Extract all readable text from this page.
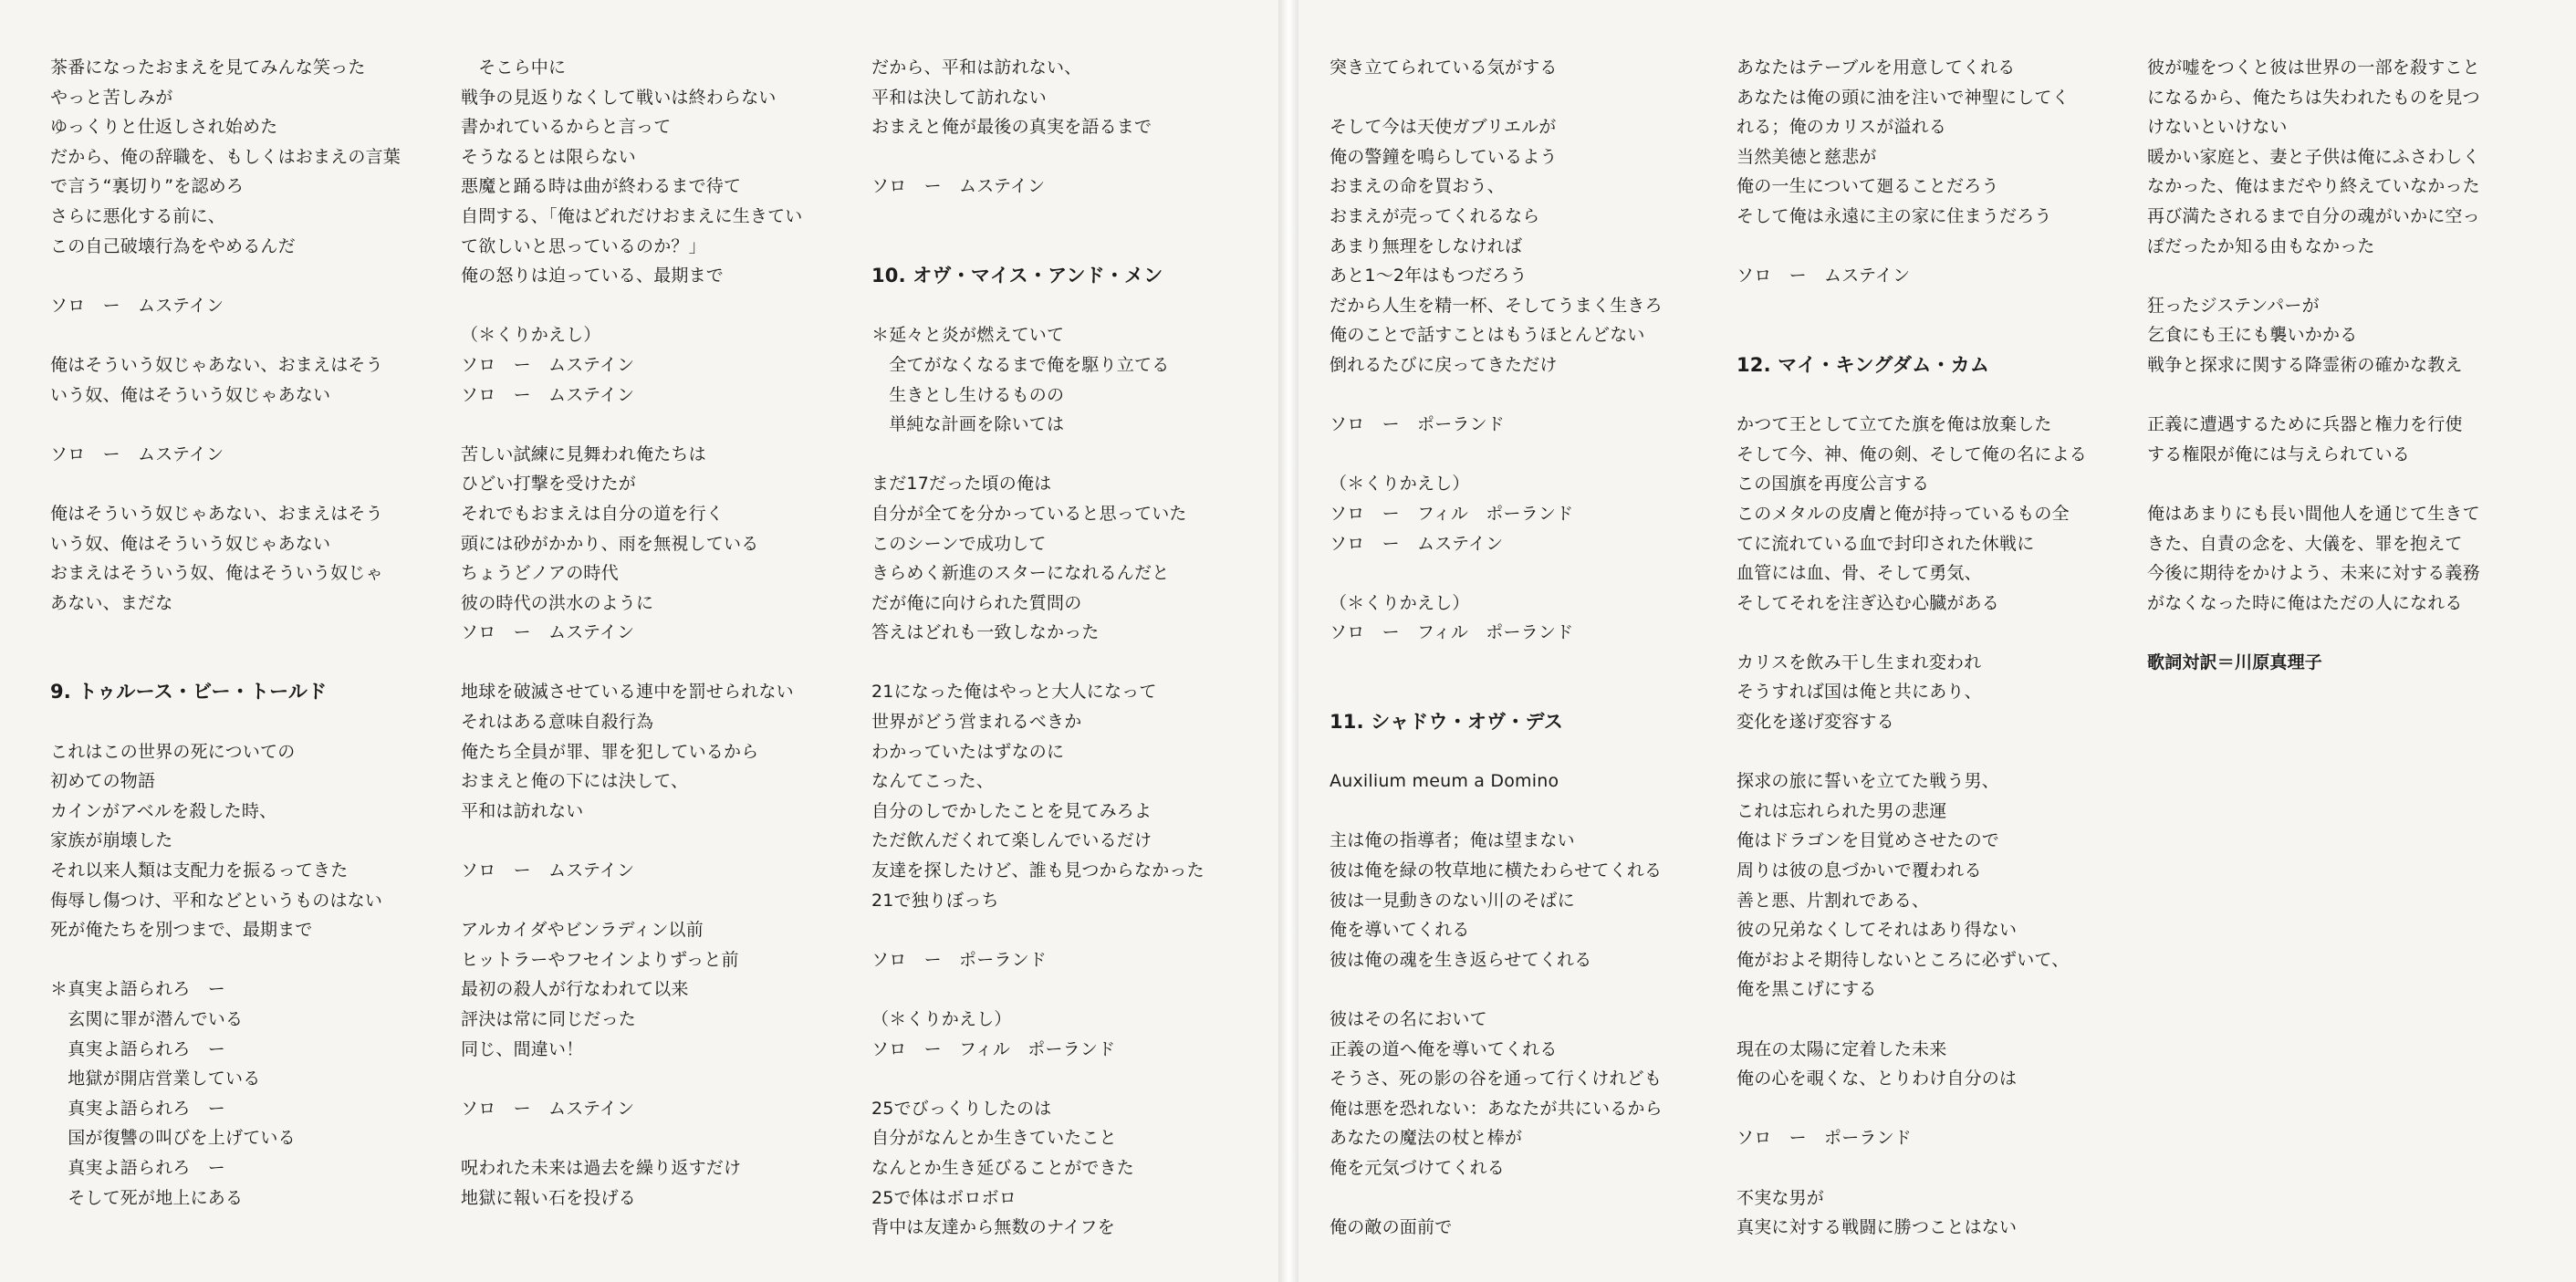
茶番になったおまえを見てみんな笑った
やっと苦しみが
ゆっくりと仕返しされ始めた
だから、俺の辞職を、もしくはおまえの言葉
で言う“裏切り”を認めろ
さらに悪化する前に、
この自己破壊行為をやめるんだ
ソロ　ー　ムステイン
俺はそういう奴じゃあない、おまえはそう
いう奴、俺はそういう奴じゃあない
ソロ　ー　ムステイン
俺はそういう奴じゃあない、おまえはそう
いう奴、俺はそういう奴じゃあない
おまえはそういう奴、俺はそういう奴じゃ
あない、まだな
9. トゥルース・ビー・トールド
これはこの世界の死についての
初めての物語
カインがアベルを殺した時、
家族が崩壊した
それ以来人類は支配力を振るってきた
侮辱し傷つけ、平和などというものはない
死が俺たちを別つまで、最期まで
＊真実よ語られろ　ー
　玄関に罪が潜んでいる
　真実よ語られろ　ー
　地獄が開店営業している
　真実よ語られろ　ー
　国が復讐の叫びを上げている
　真実よ語られろ　ー
　そして死が地上にある
　そこら中に
戦争の見返りなくして戦いは終わらない
書かれているからと言って
そうなるとは限らない
悪魔と踊る時は曲が終わるまで待て
自問する、「俺はどれだけおまえに生きてい
て欲しいと思っているのか？」
俺の怒りは迫っている、最期まで
（＊くりかえし）
ソロ　ー　ムステイン
ソロ　ー　ムステイン
苦しい試練に見舞われ俺たちは
ひどい打撃を受けたが
それでもおまえは自分の道を行く
頭には砂がかかり、雨を無視している
ちょうどノアの時代
彼の時代の洪水のように
ソロ　ー　ムステイン
地球を破滅させている連中を罰せられない
それはある意味自殺行為
俺たち全員が罪、罪を犯しているから
おまえと俺の下には決して、
平和は訪れない
ソロ　ー　ムステイン
アルカイダやビンラディン以前
ヒットラーやフセインよりずっと前
最初の殺人が行なわれて以来
評決は常に同じだった
同じ、間違い！
ソロ　ー　ムステイン
呪われた未来は過去を繰り返すだけ
地獄に報い石を投げる
だから、平和は訪れない、
平和は決して訪れない
おまえと俺が最後の真実を語るまで
ソロ　ー　ムステイン
10. オヴ・マイス・アンド・メン
＊延々と炎が燃えていて
　全てがなくなるまで俺を駆り立てる
　生きとし生けるものの
　単純な計画を除いては
まだ17だった頃の俺は
自分が全てを分かっていると思っていた
このシーンで成功して
きらめく新進のスターになれるんだと
だが俺に向けられた質問の
答えはどれも一致しなかった
21になった俺はやっと大人になって
世界がどう営まれるべきか
わかっていたはずなのに
なんてこった、
自分のしでかしたことを見てみろよ
ただ飲んだくれて楽しんでいるだけ
友達を探したけど、誰も見つからなかった
21で独りぼっち
ソロ　ー　ポーランド
（＊くりかえし）
ソロ　ー　フィル　ポーランド
25でびっくりしたのは
自分がなんとか生きていたこと
なんとか生き延びることができた
25で体はボロボロ
背中は友達から無数のナイフを
突き立てられている気がする
そして今は天使ガブリエルが
俺の警鐘を鳴らしているよう
おまえの命を買おう、
おまえが売ってくれるなら
あまり無理をしなければ
あと1〜2年はもつだろう
だから人生を精一杯、そしてうまく生きろ
俺のことで話すことはもうほとんどない
倒れるたびに戻ってきただけ
ソロ　ー　ポーランド
（＊くりかえし）
ソロ　ー　フィル　ポーランド
ソロ　ー　ムステイン
（＊くりかえし）
ソロ　ー　フィル　ポーランド
11. シャドウ・オヴ・デス
Auxilium meum a Domino
主は俺の指導者；俺は望まない
彼は俺を緑の牧草地に横たわらせてくれる
彼は一見動きのない川のそばに
俺を導いてくれる
彼は俺の魂を生き返らせてくれる
彼はその名において
正義の道へ俺を導いてくれる
そうさ、死の影の谷を通って行くけれども
俺は悪を恐れない：あなたが共にいるから
あなたの魔法の杖と棒が
俺を元気づけてくれる
俺の敵の面前で
あなたはテーブルを用意してくれる
あなたは俺の頭に油を注いで神聖にしてく
れる；俺のカリスが溢れる
当然美徳と慈悲が
俺の一生について廻ることだろう
そして俺は永遠に主の家に住まうだろう
ソロ　ー　ムステイン
12. マイ・キングダム・カム
かつて王として立てた旗を俺は放棄した
そして今、神、俺の剣、そして俺の名による
この国旗を再度公言する
このメタルの皮膚と俺が持っているもの全
てに流れている血で封印された休戦に
血管には血、骨、そして勇気、
そしてそれを注ぎ込む心臓がある
カリスを飲み干し生まれ変われ
そうすれば国は俺と共にあり、
変化を遂げ変容する
探求の旅に誓いを立てた戦う男、
これは忘れられた男の悲運
俺はドラゴンを目覚めさせたので
周りは彼の息づかいで覆われる
善と悪、片割れである、
彼の兄弟なくしてそれはあり得ない
俺がおよそ期待しないところに必ずいて、
俺を黒こげにする
現在の太陽に定着した未来
俺の心を覗くな、とりわけ自分のは
ソロ　ー　ポーランド
不実な男が
真実に対する戦闘に勝つことはない
彼が嘘をつくと彼は世界の一部を殺すこと
になるから、俺たちは失われたものを見つ
けないといけない
暖かい家庭と、妻と子供は俺にふさわしく
なかった、俺はまだやり終えていなかった
再び満たされるまで自分の魂がいかに空っ
ぽだったか知る由もなかった
狂ったジステンパーが
乞食にも王にも襲いかかる
戦争と探求に関する降霊術の確かな教え
正義に遭遇するために兵器と権力を行使
する権限が俺には与えられている
俺はあまりにも長い間他人を通じて生きて
きた、自責の念を、大儀を、罪を抱えて
今後に期待をかけよう、未来に対する義務
がなくなった時に俺はただの人になれる
歌詞対訳＝川原真理子
